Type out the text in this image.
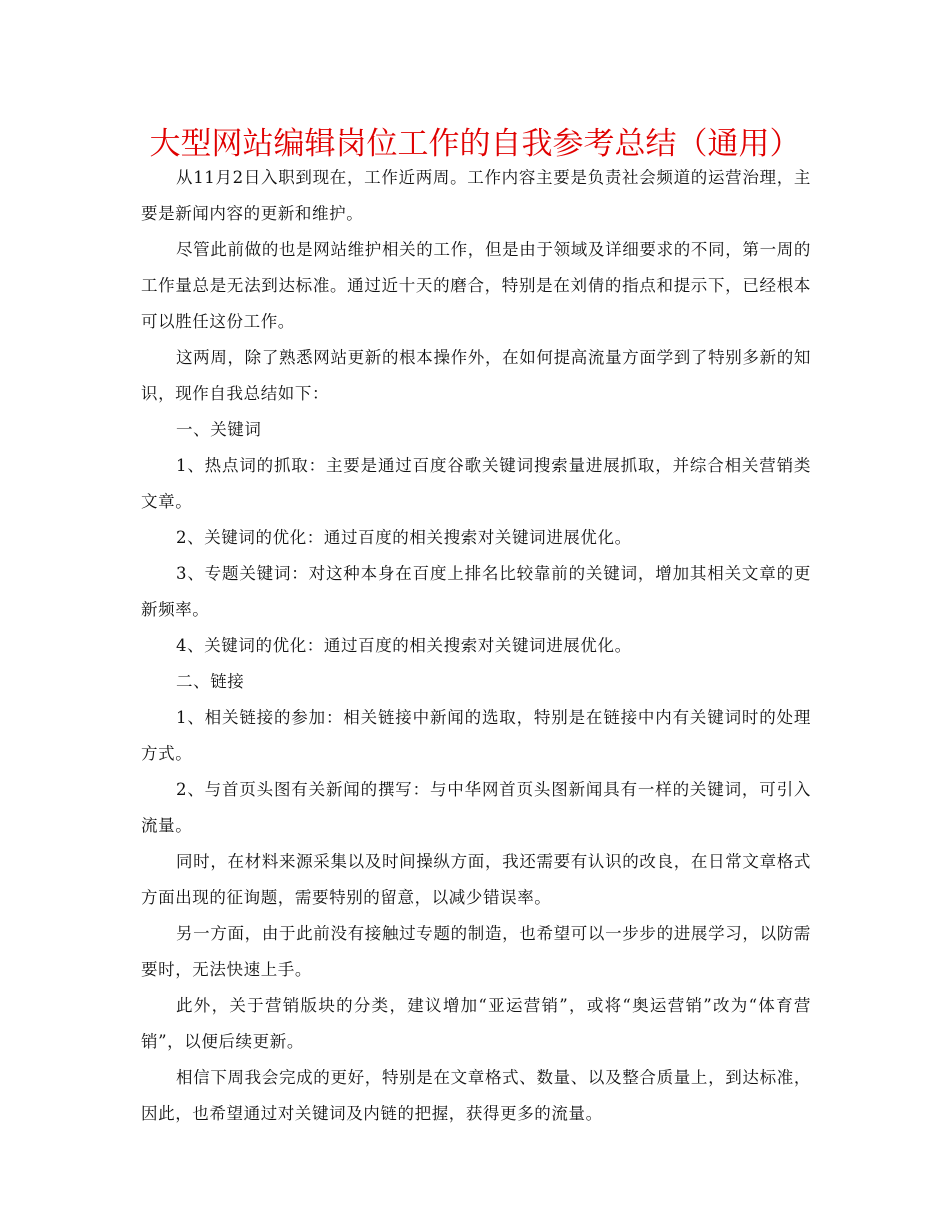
大型网站编辑岗位工作的自我参考总结（通用）

从11月2日入职到现在，工作近两周。工作内容主要是负责社会频道的运营治理，主要是新闻内容的更新和维护。

尽管此前做的也是网站维护相关的工作，但是由于领域及详细要求的不同，第一周的工作量总是无法到达标准。通过近十天的磨合，特别是在刘倩的指点和提示下，已经根本可以胜任这份工作。

这两周，除了熟悉网站更新的根本操作外，在如何提高流量方面学到了特别多新的知识，现作自我总结如下：

一、关键词

1、热点词的抓取：主要是通过百度谷歌关键词搜索量进展抓取，并综合相关营销类文章。

2、关键词的优化：通过百度的相关搜索对关键词进展优化。

3、专题关键词：对这种本身在百度上排名比较靠前的关键词，增加其相关文章的更新频率。

4、关键词的优化：通过百度的相关搜索对关键词进展优化。

二、链接

1、相关链接的参加：相关链接中新闻的选取，特别是在链接中内有关键词时的处理方式。

2、与首页头图有关新闻的撰写：与中华网首页头图新闻具有一样的关键词，可引入流量。

同时，在材料来源采集以及时间操纵方面，我还需要有认识的改良，在日常文章格式方面出现的征询题，需要特别的留意，以减少错误率。

另一方面，由于此前没有接触过专题的制造，也希望可以一步步的进展学习，以防需要时，无法快速上手。

此外，关于营销版块的分类，建议增加“亚运营销”，或将“奥运营销”改为“体育营销”，以便后续更新。

相信下周我会完成的更好，特别是在文章格式、数量、以及整合质量上，到达标准，因此，也希望通过对关键词及内链的把握，获得更多的流量。
